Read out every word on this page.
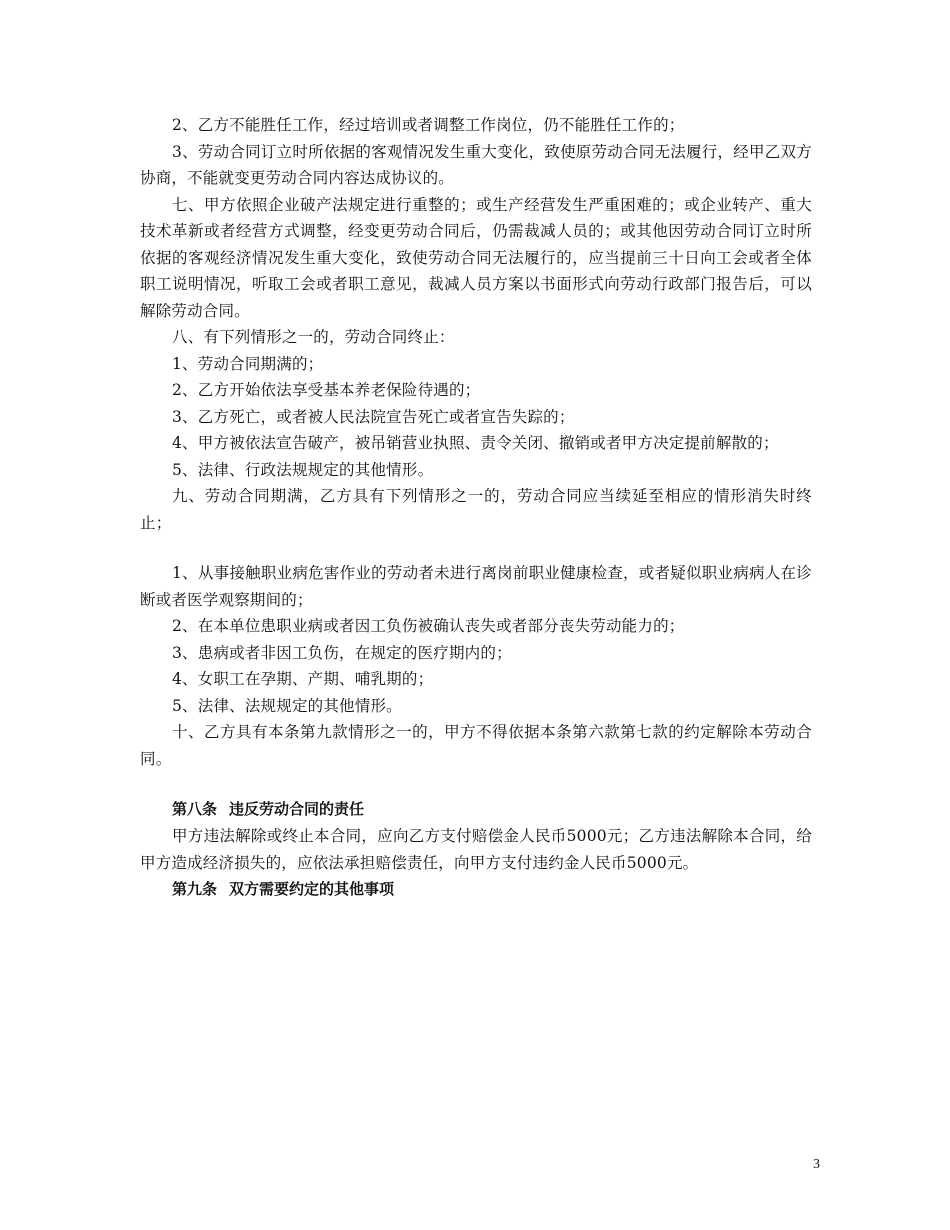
2、乙方不能胜任工作，经过培训或者调整工作岗位，仍不能胜任工作的；

3、劳动合同订立时所依据的客观情况发生重大变化，致使原劳动合同无法履行，经甲乙双方协商，不能就变更劳动合同内容达成协议的。

七、甲方依照企业破产法规定进行重整的；或生产经营发生严重困难的；或企业转产、重大技术革新或者经营方式调整，经变更劳动合同后，仍需裁减人员的；或其他因劳动合同订立时所依据的客观经济情况发生重大变化，致使劳动合同无法履行的，应当提前三十日向工会或者全体职工说明情况，听取工会或者职工意见，裁减人员方案以书面形式向劳动行政部门报告后，可以解除劳动合同。

八、有下列情形之一的，劳动合同终止：

1、劳动合同期满的；

2、乙方开始依法享受基本养老保险待遇的；

3、乙方死亡，或者被人民法院宣告死亡或者宣告失踪的；

4、甲方被依法宣告破产，被吊销营业执照、责令关闭、撤销或者甲方决定提前解散的；

5、法律、行政法规规定的其他情形。

九、劳动合同期满，乙方具有下列情形之一的，劳动合同应当续延至相应的情形消失时终止；

1、从事接触职业病危害作业的劳动者未进行离岗前职业健康检查，或者疑似职业病病人在诊断或者医学观察期间的；

2、在本单位患职业病或者因工负伤被确认丧失或者部分丧失劳动能力的；

3、患病或者非因工负伤，在规定的医疗期内的；

4、女职工在孕期、产期、哺乳期的；

5、法律、法规规定的其他情形。

十、乙方具有本条第九款情形之一的，甲方不得依据本条第六款第七款的约定解除本劳动合同。

第八条 违反劳动合同的责任

甲方违法解除或终止本合同，应向乙方支付赔偿金人民币5000元；乙方违法解除本合同，给甲方造成经济损失的，应依法承担赔偿责任，向甲方支付违约金人民币5000元。

第九条 双方需要约定的其他事项

3
